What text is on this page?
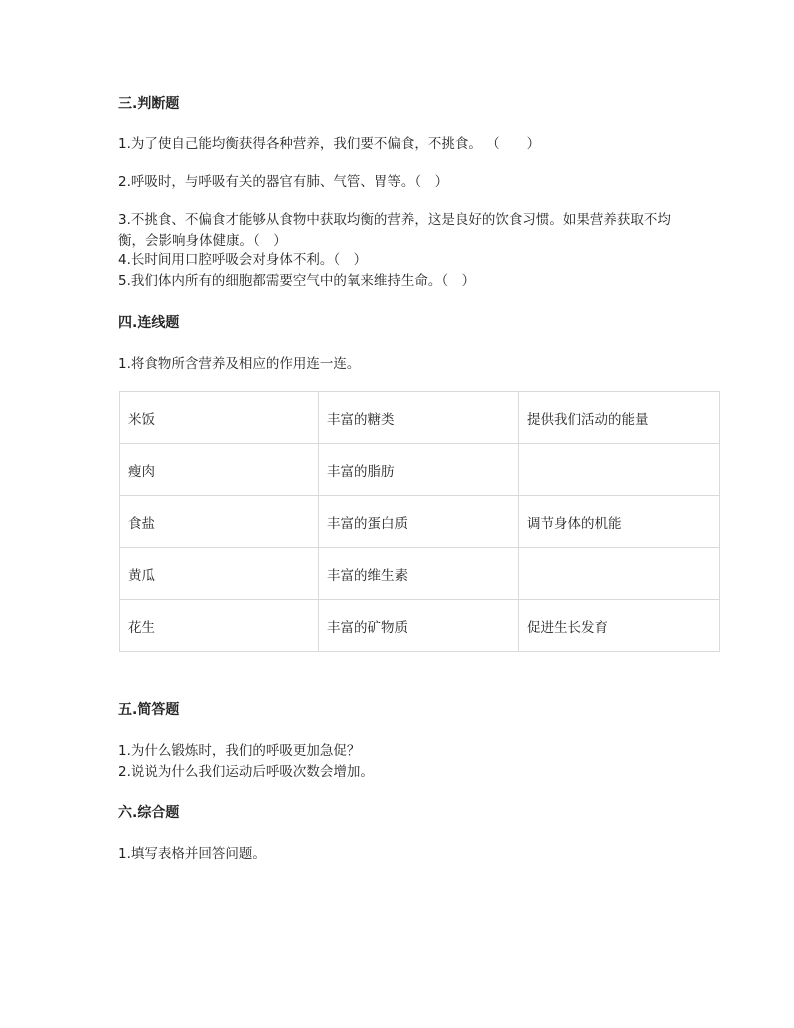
三.判断题
1.为了使自己能均衡获得各种营养，我们要不偏食，不挑食。 （　　）
2.呼吸时，与呼吸有关的器官有肺、气管、胃等。（　）
3.不挑食、不偏食才能够从食物中获取均衡的营养，这是良好的饮食习惯。如果营养获取不均衡，会影响身体健康。（　）
4.长时间用口腔呼吸会对身体不利。（　）
5.我们体内所有的细胞都需要空气中的氧来维持生命。（　）
四.连线题
1.将食物所含营养及相应的作用连一连。
米饭	丰富的糖类	提供我们活动的能量
瘦肉	丰富的脂肪	
食盐	丰富的蛋白质	调节身体的机能
黄瓜	丰富的维生素	
花生	丰富的矿物质	促进生长发育
五.简答题
1.为什么锻炼时，我们的呼吸更加急促？
2.说说为什么我们运动后呼吸次数会增加。
六.综合题
1.填写表格并回答问题。
